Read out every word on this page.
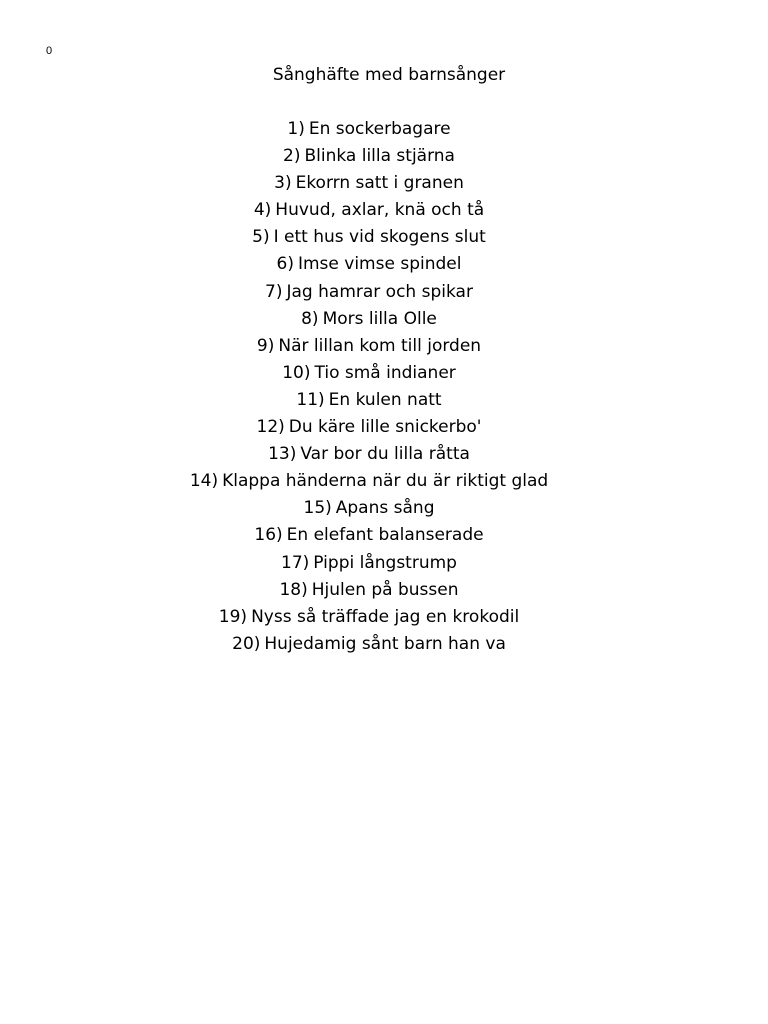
0
Sånghäfte med barnsånger
1) En sockerbagare
2) Blinka lilla stjärna
3) Ekorrn satt i granen
4) Huvud, axlar, knä och tå
5) I ett hus vid skogens slut
6) Imse vimse spindel
7) Jag hamrar och spikar
8) Mors lilla Olle
9) När lillan kom till jorden
10) Tio små indianer
11) En kulen natt
12) Du käre lille snickerbo'
13) Var bor du lilla råtta
14) Klappa händerna när du är riktigt glad
15) Apans sång
16) En elefant balanserade
17) Pippi långstrump
18) Hjulen på bussen
19) Nyss så träffade jag en krokodil
20) Hujedamig sånt barn han va
